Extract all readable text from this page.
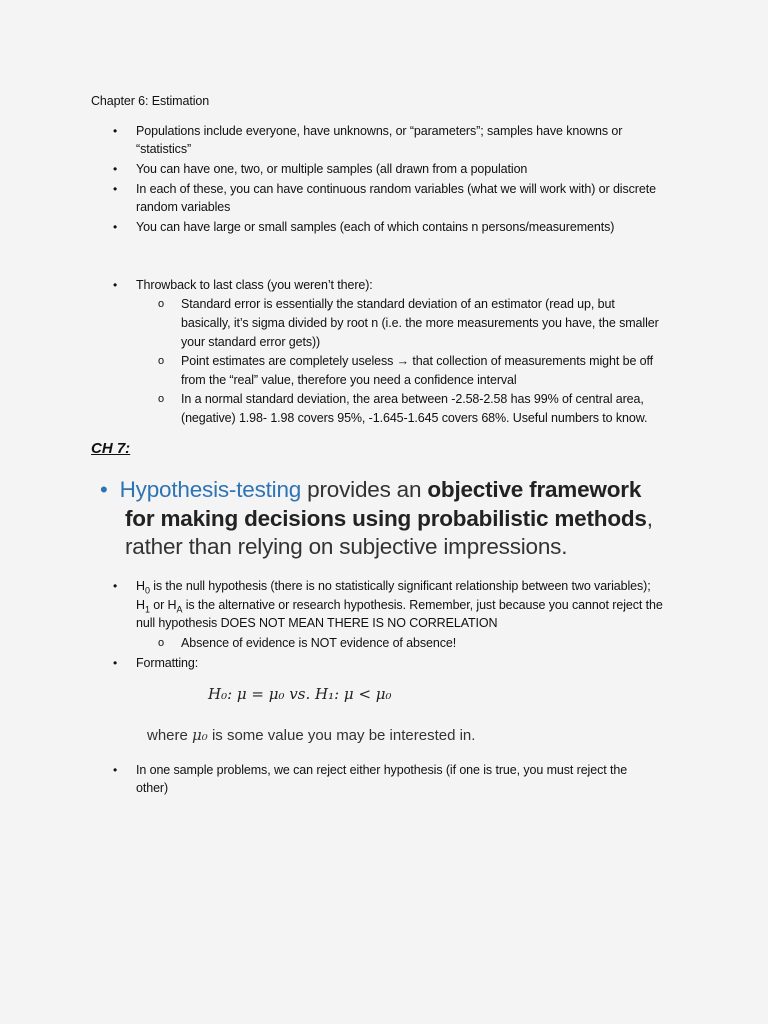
Chapter 6: Estimation
•
Populations include everyone, have unknowns, or “parameters”; samples have knowns or
“statistics”
•
You can have one, two, or multiple samples (all drawn from a population
•
In each of these, you can have continuous random variables (what we will work with) or discrete
random variables
•
You can have large or small samples (each of which contains n persons/measurements)
•
Throwback to last class (you weren’t there):
o
Standard error is essentially the standard deviation of an estimator (read up, but
basically, it’s sigma divided by root n (i.e. the more measurements you have, the smaller
your standard error gets))
o
Point estimates are completely useless → that collection of measurements might be off
from the “real” value, therefore you need a confidence interval
o
In a normal standard deviation, the area between -2.58-2.58 has 99% of central area,
(negative) 1.98- 1.98 covers 95%, -1.645-1.645 covers 68%. Useful numbers to know.
CH 7:
• Hypothesis-testing provides an objective framework
for making decisions using probabilistic methods,
rather than relying on subjective impressions.
•
$H_0$ is the null hypothesis (there is no statistically significant relationship between two variables);
$H_1$ or $H_A$ is the alternative or research hypothesis. Remember, just because you cannot reject the
null hypothesis DOES NOT MEAN THERE IS NO CORRELATION
o
Absence of evidence is NOT evidence of absence!
•
Formatting:
H₀: μ = μ₀ vs. H₁: μ < μ₀
where μ₀ is some value you may be interested in.
•
In one sample problems, we can reject either hypothesis (if one is true, you must reject the
other)
